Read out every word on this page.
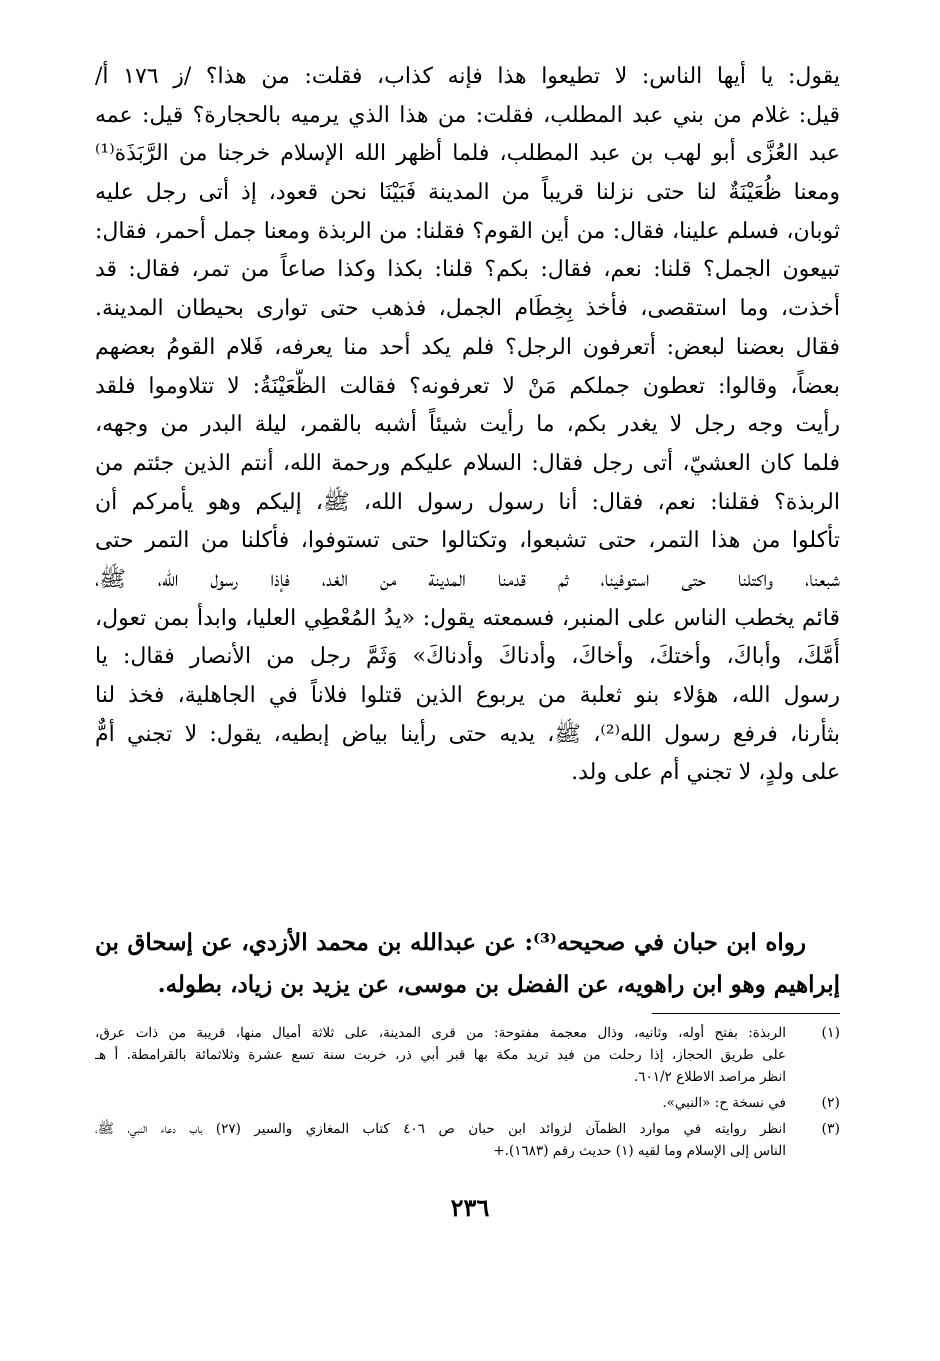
يقول: يا أيها الناس: لا تطيعوا هذا فإنه كذاب، فقلت: من هذا؟ /ز ١٧٦ أ/
قيل: غلام من بني عبد المطلب، فقلت: من هذا الذي يرميه بالحجارة؟ قيل: عمه
عبد العُزَّى أبو لهب بن عبد المطلب، فلما أظهر الله الإسلام خرجنا من الرَّبَذَة⁽¹⁾
ومعنا ظُعَيْنَةٌ لنا حتى نزلنا قريباً من المدينة فَبَيْنَا نحن قعود، إذ أتى رجل عليه
ثوبان، فسلم علينا، فقال: من أين القوم؟ فقلنا: من الربذة ومعنا جمل أحمر، فقال:
تبيعون الجمل؟ قلنا: نعم، فقال: بكم؟ قلنا: بكذا وكذا صاعاً من تمر، فقال: قد
أخذت، وما استقصى، فأخذ بِخِطَام الجمل، فذهب حتى توارى بحيطان المدينة.
فقال بعضنا لبعض: أتعرفون الرجل؟ فلم يكد أحد منا يعرفه، فَلام القومُ بعضهم
بعضاً، وقالوا: تعطون جملكم مَنْ لا تعرفونه؟ فقالت الظُّعَيْنَةُ: لا تتلاوموا فلقد
رأيت وجه رجل لا يغدر بكم، ما رأيت شيئاً أشبه بالقمر، ليلة البدر من وجهه،
فلما كان العشيّ، أتى رجل فقال: السلام عليكم ورحمة الله، أنتم الذين جئتم من
الربذة؟ فقلنا: نعم، فقال: أنا رسول رسول الله، ﷺ، إليكم وهو يأمركم أن
تأكلوا من هذا التمر، حتى تشبعوا، وتكتالوا حتى تستوفوا، فأكلنا من التمر حتى
شبعنا، واكتلنا حتى استوفينا، ثم قدمنا المدينة من الغد، فإذا رسول الله، ﷺ،
قائم يخطب الناس على المنبر، فسمعته يقول: «يدُ المُعْطِي العليا، وابدأ بمن تعول،
أُمَّكَ، وأباكَ، وأختكَ، وأخاكَ، وأدناكَ وأدناكَ» وَثَمَّ رجل من الأنصار فقال: يا
رسول الله، هؤلاء بنو ثعلبة من يربوع الذين قتلوا فلاناً في الجاهلية، فخذ لنا
بثأرنا، فرفع رسول الله⁽²⁾، ﷺ، يديه حتى رأينا بياض إبطيه، يقول: لا تجني أمٌّ
على ولدٍ، لا تجني أم على ولد.
رواه ابن حبان في صحيحه⁽³⁾: عن عبدالله بن محمد الأزدي، عن إسحاق بن
إبراهيم وهو ابن راهويه، عن الفضل بن موسى، عن يزيد بن زياد، بطوله.
(١)
الربذة: بفتح أوله، وثانيه، وذال معجمة مفتوحة: من قرى المدينة، على ثلاثة أميال منها، قريبة من ذات عرق،
على طريق الحجاز، إذا رحلت من فيد تريد مكة بها قبر أبي ذر، خربت سنة تسع عشرة وثلاثمائة بالقرامطة. أ هـ
انظر مراصد الاطلاع ٦٠١/٢.
(٢)
في نسخة ح: «النبي».
(٣)
انظر روايته في موارد الظمآن لزوائد ابن حبان ص ٤٠٦ كتاب المغازي والسير (٢٧) باب دعاء النبي، ﷺ،
الناس إلى الإسلام وما لقيه (١) حديث رقم (١٦٨٣).+
٢٣٦
